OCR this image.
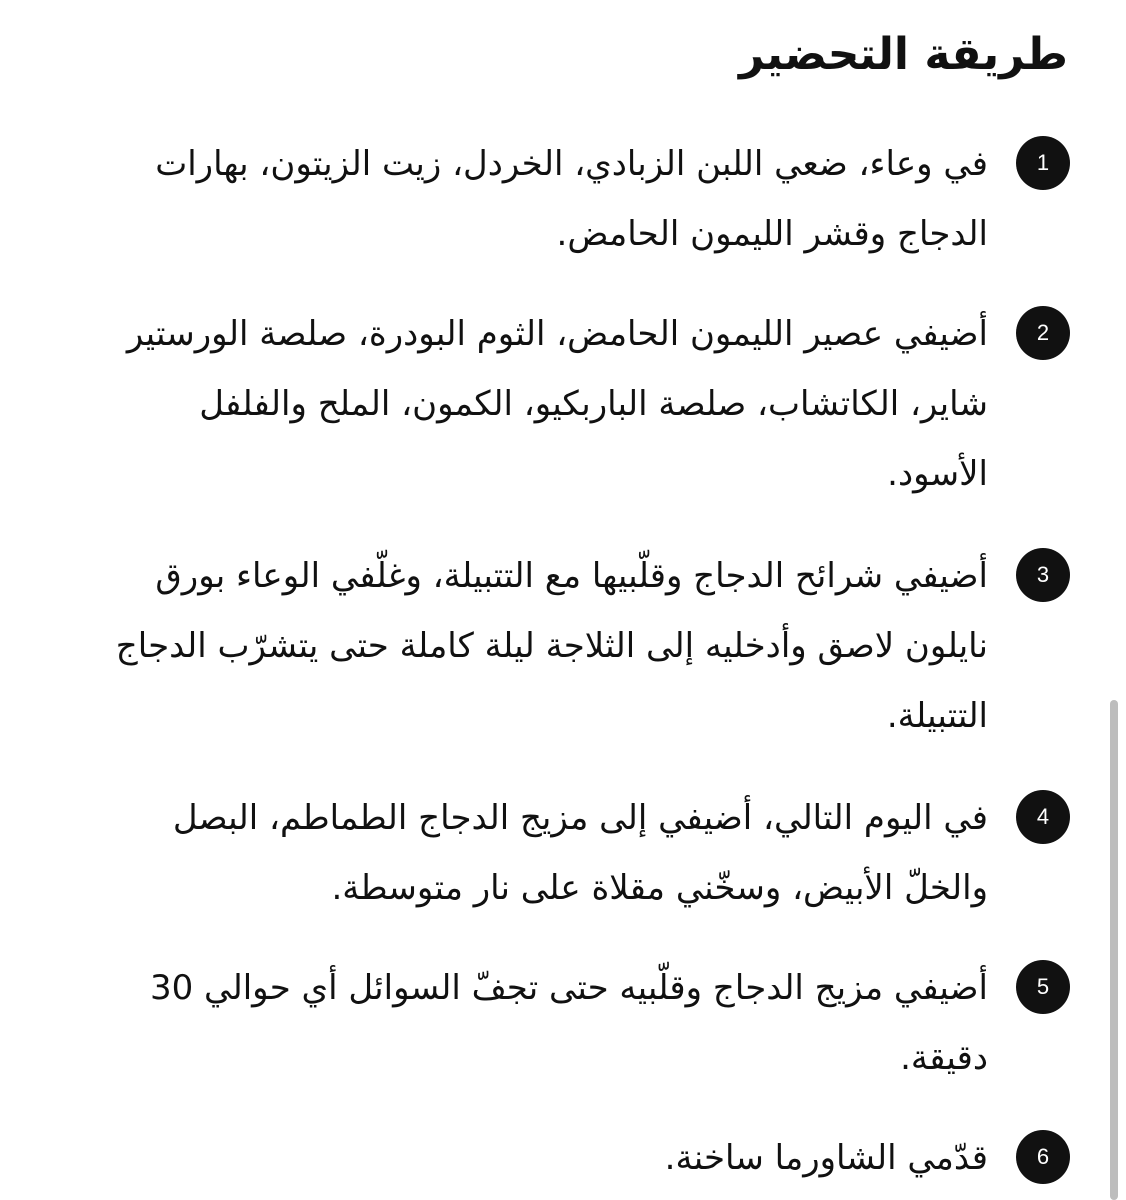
طريقة التحضير
1

في وعاء، ضعي اللبن الزبادي، الخردل، زيت الزيتون، بهارات الدجاج وقشر الليمون الحامض.

2

أضيفي عصير الليمون الحامض، الثوم البودرة، صلصة الورستير شاير، الكاتشاب، صلصة الباربكيو، الكمون، الملح والفلفل الأسود.

3

أضيفي شرائح الدجاج وقلّبيها مع التتبيلة، وغلّفي الوعاء بورق نايلون لاصق وأدخليه إلى الثلاجة ليلة كاملة حتى يتشرّب الدجاج التتبيلة.

4

في اليوم التالي، أضيفي إلى مزيج الدجاج الطماطم، البصل والخلّ الأبيض، وسخّني مقلاة على نار متوسطة.

5

أضيفي مزيج الدجاج وقلّبيه حتى تجفّ السوائل أي حوالي 30 دقيقة.

6

قدّمي الشاورما ساخنة.
